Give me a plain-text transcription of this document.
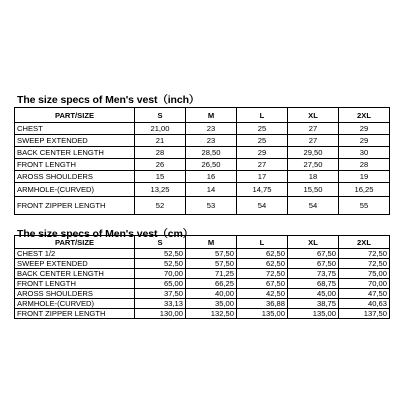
The size specs of Men's vest（inch）
PART/SIZE	S	M	L	XL	2XL
CHEST	21,00	23	25	27	29
SWEEP EXTENDED	21	23	25	27	29
BACK CENTER LENGTH	28	28,50	29	29,50	30
FRONT LENGTH	26	26,50	27	27,50	28
AROSS SHOULDERS	15	16	17	18	19
ARMHOLE-(CURVED)	13,25	14	14,75	15,50	16,25
FRONT ZIPPER LENGTH	52	53	54	54	55
The size specs of Men's vest（cm）
PART/SIZE	S	M	L	XL	2XL
CHEST 1/2	52,50	57,50	62,50	67,50	72,50
SWEEP EXTENDED	52,50	57,50	62,50	67,50	72,50
BACK CENTER LENGTH	70,00	71,25	72,50	73,75	75,00
FRONT LENGTH	65,00	66,25	67,50	68,75	70,00
AROSS SHOULDERS	37,50	40,00	42,50	45,00	47,50
ARMHOLE-(CURVED)	33,13	35,00	36,88	38,75	40,63
FRONT ZIPPER LENGTH	130,00	132,50	135,00	135,00	137,50
